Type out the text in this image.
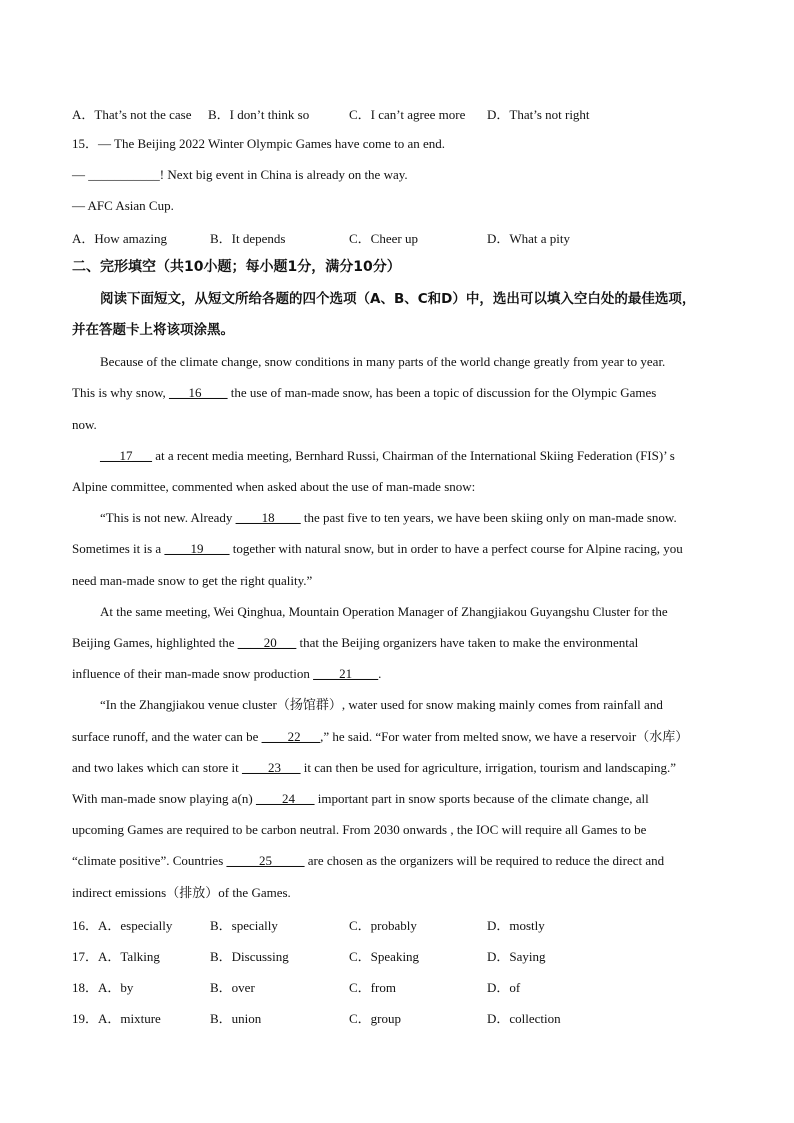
A．That’s not the case B．I don’t think so	C．I can’t agree more D．That’s not right
15．— The Beijing 2022 Winter Olympic Games have come to an end.
— ___________! Next big event in China is already on the way.
— AFC Asian Cup.
A．How amazing	B．It depends	C．Cheer up	D．What a pity
二、完形填空（共10小题；每小题1分，满分10分）
阅读下面短文，从短文所给各题的四个选项（A、B、C和D）中，选出可以填入空白处的最佳选项，
并在答题卡上将该项涂黑。
Because of the climate change, snow conditions in many parts of the world change greatly from year to year.
This is why snow, ___16____ the use of man-made snow, has been a topic of discussion for the Olympic Games
now.
___17___ at a recent media meeting, Bernhard Russi, Chairman of the International Skiing Federation (FIS)’ s
Alpine committee, commented when asked about the use of man-made snow:
“This is not new. Already ____18____ the past five to ten years, we have been skiing only on man-made snow.
Sometimes it is a ____19____ together with natural snow, but in order to have a perfect course for Alpine racing, you
need man-made snow to get the right quality.”
At the same meeting, Wei Qinghua, Mountain Operation Manager of Zhangjiakou Guyangshu Cluster for the
Beijing Games, highlighted the ____20___ that the Beijing organizers have taken to make the environmental
influence of their man-made snow production ____21____.
“In the Zhangjiakou venue cluster（扬馆群）, water used for snow making mainly comes from rainfall and
surface runoff, and the water can be ____22___,” he said. “For water from melted snow, we have a reservoir（水库）
and two lakes which can store it ____23___ it can then be used for agriculture, irrigation, tourism and landscaping.”
With man-made snow playing a(n) ____24___ important part in snow sports because of the climate change, all
upcoming Games are required to be carbon neutral. From 2030 onwards , the IOC will require all Games to be
“climate positive”. Countries _____25_____ are chosen as the organizers will be required to reduce the direct and
indirect emissions（排放）of the Games.
16．A．especially	B．specially	C．probably	D．mostly
17．A．Talking	B．Discussing	C．Speaking	D．Saying
18．A．by	B．over	C．from	D．of
19．A．mixture	B．union	C．group	D．collection
